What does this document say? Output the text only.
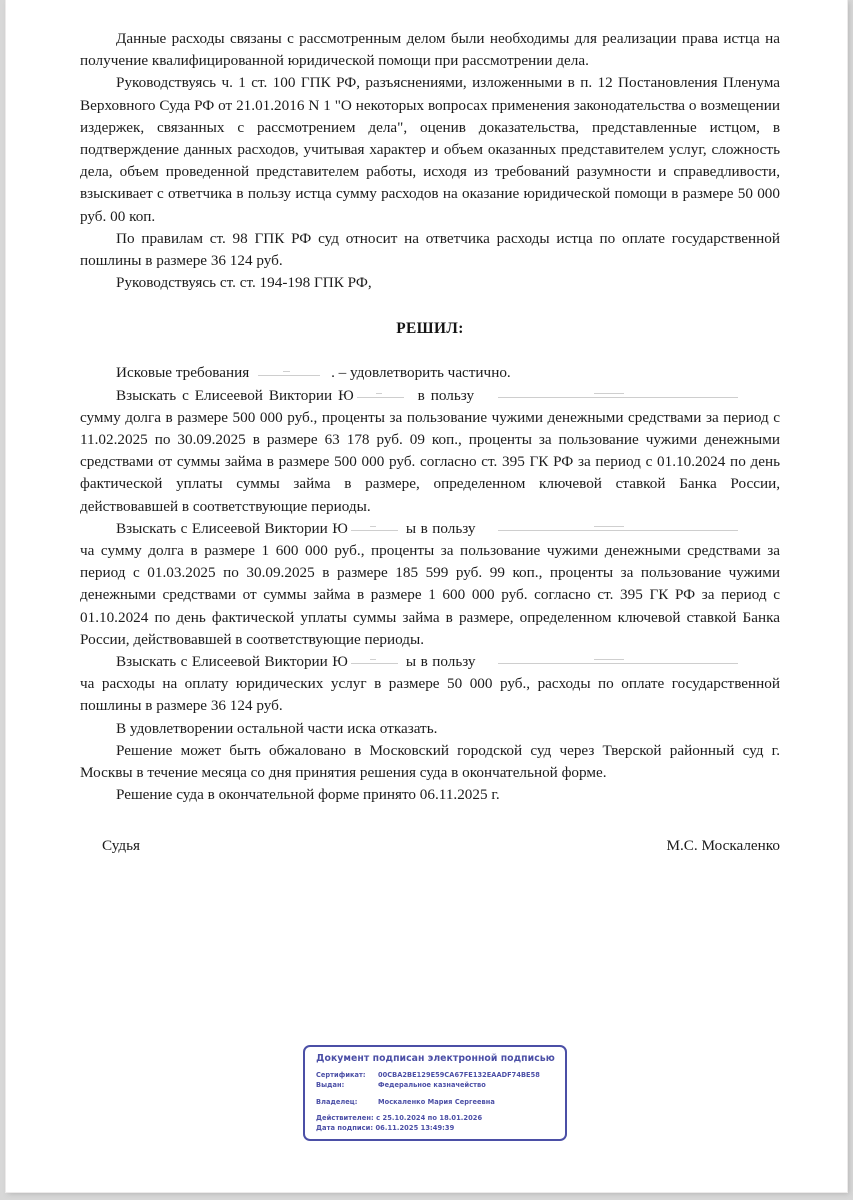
Данные расходы связаны с рассмотренным делом были необходимы для реализации права истца на получение квалифицированной юридической помощи при рассмотрении дела.

Руководствуясь ч. 1 ст. 100 ГПК РФ, разъяснениями, изложенными в п. 12 Постановления Пленума Верховного Суда РФ от 21.01.2016 N 1 "О некоторых вопросах применения законодательства о возмещении издержек, связанных с рассмотрением дела", оценив доказательства, представленные истцом, в подтверждение данных расходов, учитывая характер и объем оказанных представителем услуг, сложность дела, объем проведенной представителем работы, исходя из требований разумности и справедливости, взыскивает с ответчика в пользу истца сумму расходов на оказание юридической помощи в размере 50 000 руб. 00 коп.

По правилам ст. 98 ГПК РФ суд относит на ответчика расходы истца по оплате государственной пошлины в размере 36 124 руб.

Руководствуясь ст. ст. 194-198 ГПК РФ,

РЕШИЛ:

Исковые требования	. – удовлетворить частично.

Взыскать с Елисеевой Виктории Ю	в пользу  сумму долга в размере 500 000 руб., проценты за пользование чужими денежными средствами за период с 11.02.2025 по 30.09.2025 в размере 63 178 руб. 09 коп., проценты за пользование чужими денежными средствами от суммы займа в размере 500 000 руб. согласно ст. 395 ГК РФ за период с 01.10.2024 по день фактической уплаты суммы займа в размере, определенном ключевой ставкой Банка России, действовавшей в соответствующие периоды.

Взыскать с Елисеевой Виктории Ю	ы в пользу ча сумму долга в размере 1 600 000 руб., проценты за пользование чужими денежными средствами за период с 01.03.2025 по 30.09.2025 в размере 185 599 руб. 99 коп., проценты за пользование чужими денежными средствами от суммы займа в размере 1 600 000 руб. согласно ст. 395 ГК РФ за период с 01.10.2024 по день фактической уплаты суммы займа в размере, определенном ключевой ставкой Банка России, действовавшей в соответствующие периоды.

Взыскать с Елисеевой Виктории Ю	ы в пользу ча расходы на оплату юридических услуг в размере 50 000 руб., расходы по оплате государственной пошлины в размере 36 124 руб.

В удовлетворении остальной части иска отказать.

Решение может быть обжаловано в Московский городской суд через Тверской районный суд г. Москвы в течение месяца со дня принятия решения суда в окончательной форме.

Решение суда в окончательной форме принято 06.11.2025 г.

Судья	М.С. Москаленко
Документ подписан электронной подписью
Сертификат:	00CBA2BE129E59CA67FE132EAADF74BE58
Выдан:	Федеральное казначейство
Владелец:	Москаленко Мария Сергеевна
Действителен: с 25.10.2024 по 18.01.2026
Дата подписи: 06.11.2025 13:49:39
